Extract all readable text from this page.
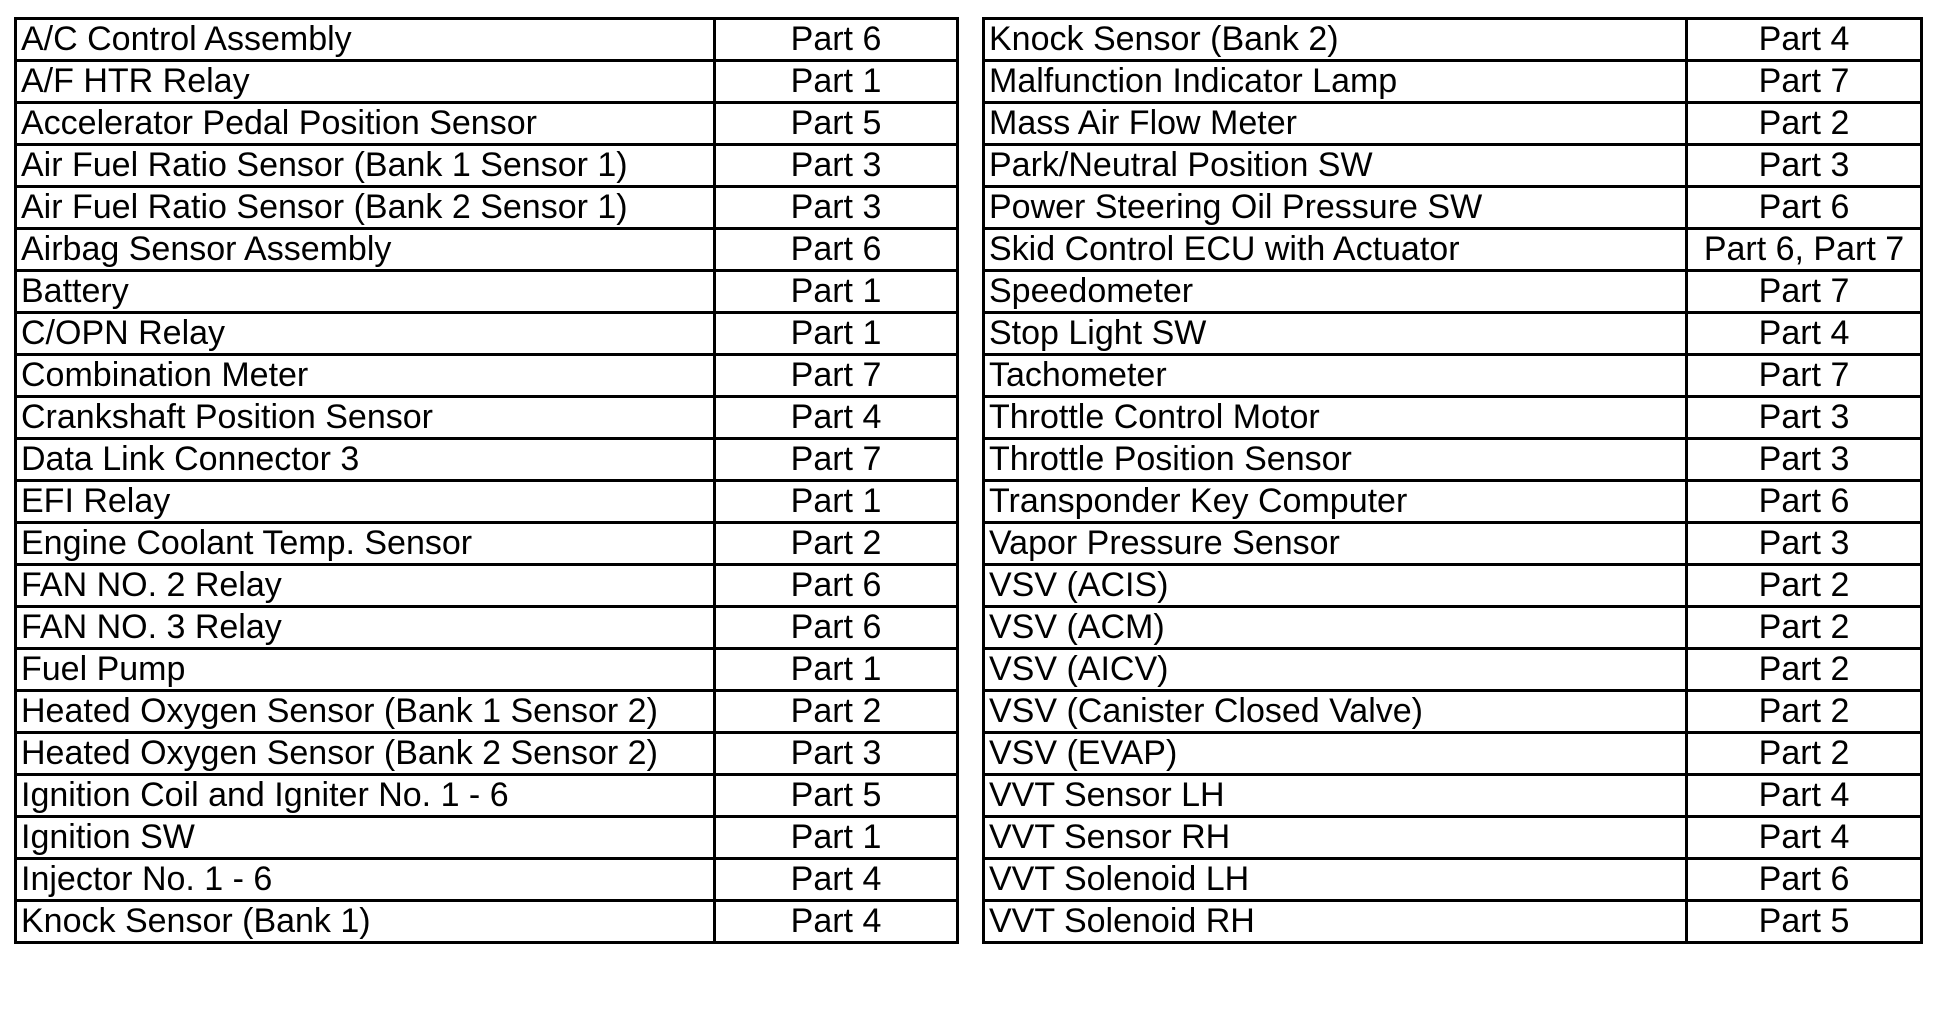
A/C Control Assembly	Part 6
A/F HTR Relay	Part 1
Accelerator Pedal Position Sensor	Part 5
Air Fuel Ratio Sensor (Bank 1 Sensor 1)	Part 3
Air Fuel Ratio Sensor (Bank 2 Sensor 1)	Part 3
Airbag Sensor Assembly	Part 6
Battery	Part 1
C/OPN Relay	Part 1
Combination Meter	Part 7
Crankshaft Position Sensor	Part 4
Data Link Connector 3	Part 7
EFI Relay	Part 1
Engine Coolant Temp. Sensor	Part 2
FAN NO. 2 Relay	Part 6
FAN NO. 3 Relay	Part 6
Fuel Pump	Part 1
Heated Oxygen Sensor (Bank 1 Sensor 2)	Part 2
Heated Oxygen Sensor (Bank 2 Sensor 2)	Part 3
Ignition Coil and Igniter No. 1 - 6	Part 5
Ignition SW	Part 1
Injector No. 1 - 6	Part 4
Knock Sensor (Bank 1)	Part 4
Knock Sensor (Bank 2)	Part 4
Malfunction Indicator Lamp	Part 7
Mass Air Flow Meter	Part 2
Park/Neutral Position SW	Part 3
Power Steering Oil Pressure SW	Part 6
Skid Control ECU with Actuator	Part 6, Part 7
Speedometer	Part 7
Stop Light SW	Part 4
Tachometer	Part 7
Throttle Control Motor	Part 3
Throttle Position Sensor	Part 3
Transponder Key Computer	Part 6
Vapor Pressure Sensor	Part 3
VSV (ACIS)	Part 2
VSV (ACM)	Part 2
VSV (AICV)	Part 2
VSV (Canister Closed Valve)	Part 2
VSV (EVAP)	Part 2
VVT Sensor LH	Part 4
VVT Sensor RH	Part 4
VVT Solenoid LH	Part 6
VVT Solenoid RH	Part 5
